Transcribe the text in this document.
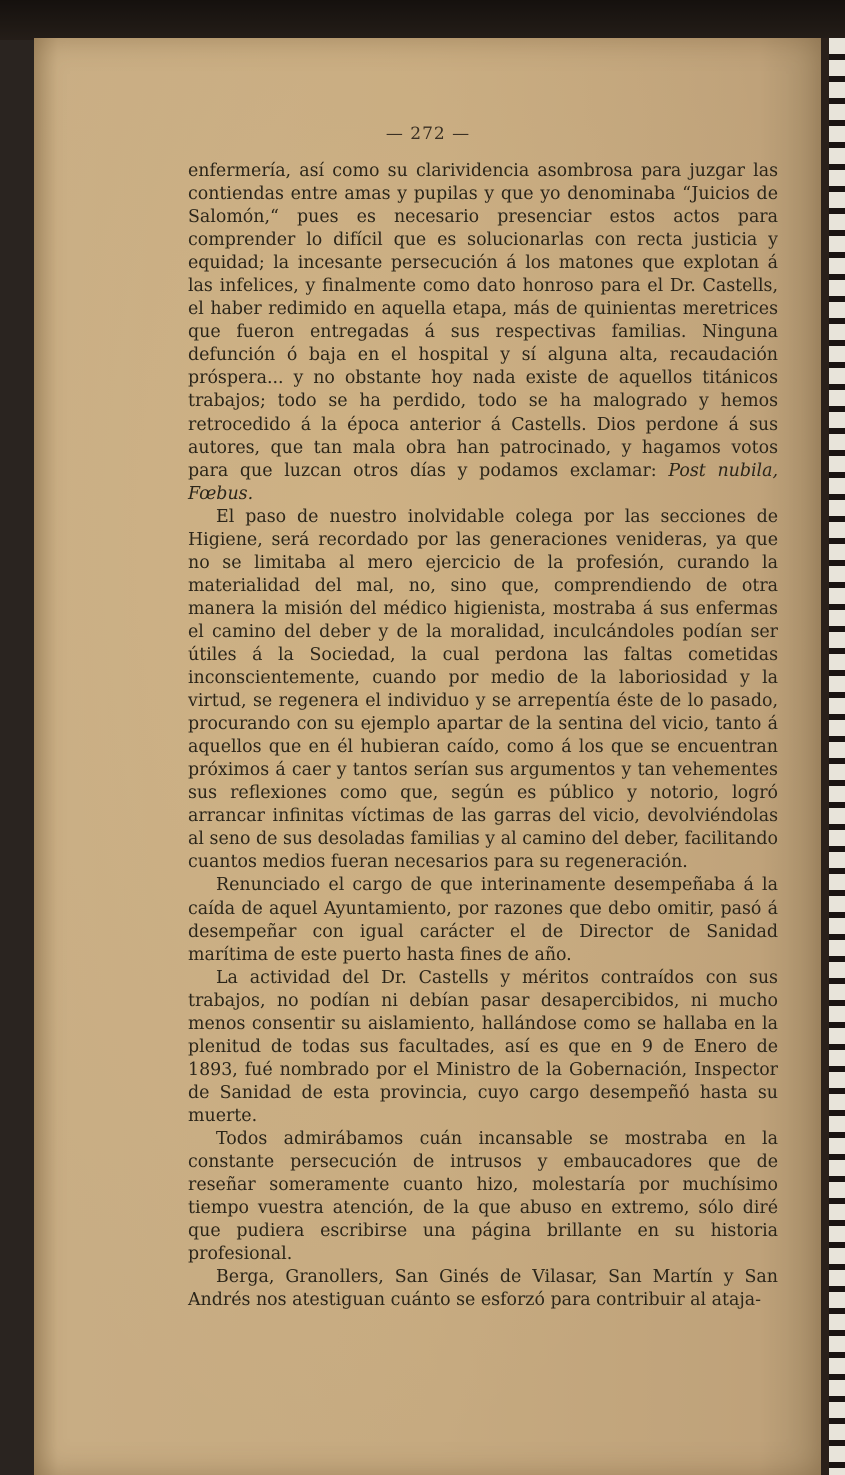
— 272 —

enfermería, así como su clarividencia asombrosa para juzgar las contiendas entre amas y pupilas y que yo denominaba “Juicios de Salomón,“ pues es necesario presenciar estos actos para comprender lo difícil que es solucionarlas con recta justicia y equidad; la incesante persecución á los matones que explotan á las infelices, y finalmente como dato honroso para el Dr. Castells, el haber redimido en aquella etapa, más de quinientas meretrices que fueron entregadas á sus respectivas familias. Ninguna defunción ó baja en el hospital y sí alguna alta, recaudación próspera... y no obstante hoy nada existe de aquellos titánicos trabajos; todo se ha perdido, todo se ha malogrado y hemos retrocedido á la época anterior á Castells. Dios perdone á sus autores, que tan mala obra han patrocinado, y hagamos votos para que luzcan otros días y podamos exclamar: Post nubila, Fœbus.

El paso de nuestro inolvidable colega por las secciones de Higiene, será recordado por las generaciones venideras, ya que no se limitaba al mero ejercicio de la profesión, curando la materialidad del mal, no, sino que, comprendiendo de otra manera la misión del médico higienista, mostraba á sus enfermas el camino del deber y de la moralidad, inculcándoles podían ser útiles á la Sociedad, la cual perdona las faltas cometidas inconscientemente, cuando por medio de la laboriosidad y la virtud, se regenera el individuo y se arrepentía éste de lo pasado, procurando con su ejemplo apartar de la sentina del vicio, tanto á aquellos que en él hubieran caído, como á los que se encuentran próximos á caer y tantos serían sus argumentos y tan vehementes sus reflexiones como que, según es público y notorio, logró arrancar infinitas víctimas de las garras del vicio, devolviéndolas al seno de sus desoladas familias y al camino del deber, facilitando cuantos medios fueran necesarios para su regeneración.

Renunciado el cargo de que interinamente desempeñaba á la caída de aquel Ayuntamiento, por razones que debo omitir, pasó á desempeñar con igual carácter el de Director de Sanidad marítima de este puerto hasta fines de año.

La actividad del Dr. Castells y méritos contraídos con sus trabajos, no podían ni debían pasar desapercibidos, ni mucho menos consentir su aislamiento, hallándose como se hallaba en la plenitud de todas sus facultades, así es que en 9 de Enero de 1893, fué nombrado por el Ministro de la Gobernación, Inspector de Sanidad de esta provincia, cuyo cargo desempeñó hasta su muerte.

Todos admirábamos cuán incansable se mostraba en la constante persecución de intrusos y embaucadores que de reseñar someramente cuanto hizo, molestaría por muchísimo tiempo vuestra atención, de la que abuso en extremo, sólo diré que pudiera escribirse una página brillante en su historia profesional.

Berga, Granollers, San Ginés de Vilasar, San Martín y San Andrés nos atestiguan cuánto se esforzó para contribuir al ataja-
